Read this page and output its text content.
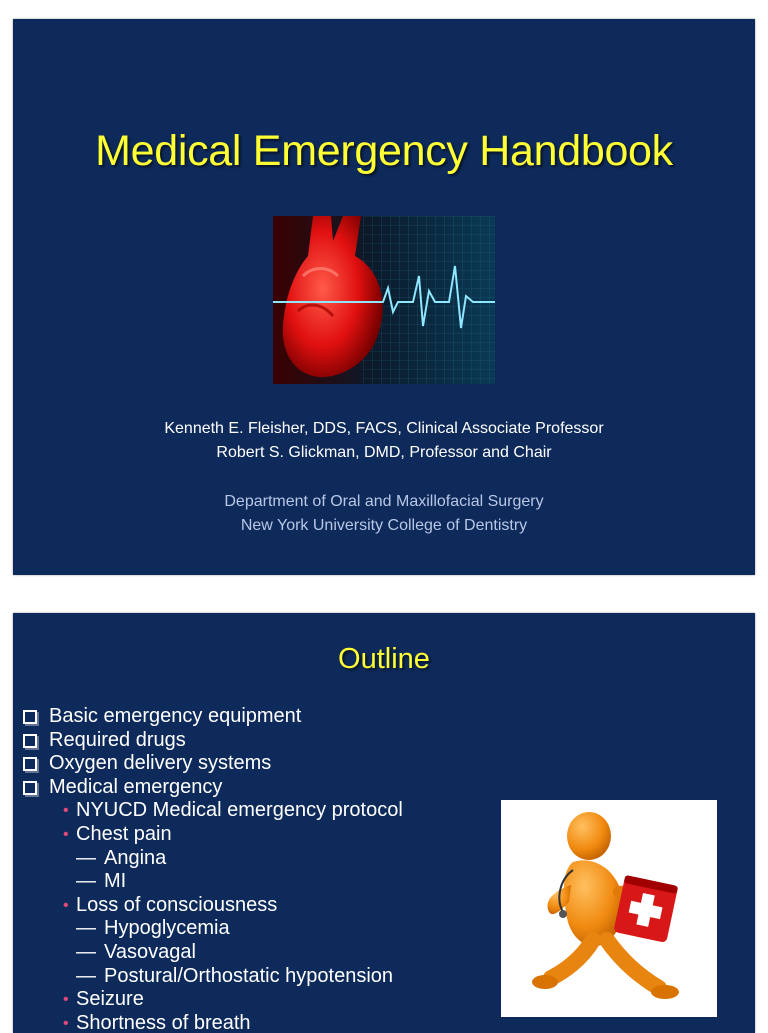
Medical Emergency Handbook
Kenneth E. Fleisher, DDS, FACS, Clinical Associate Professor
Robert S. Glickman, DMD, Professor and Chair
Department of Oral and Maxillofacial Surgery
New York University College of Dentistry
Outline
Basic emergency equipment
Required drugs
Oxygen delivery systems
Medical emergency
• NYUCD Medical emergency protocol
• Chest pain
— Angina
— MI
• Loss of consciousness
— Hypoglycemia
— Vasovagal
— Postural/Orthostatic hypotension
• Seizure
• Shortness of breath
